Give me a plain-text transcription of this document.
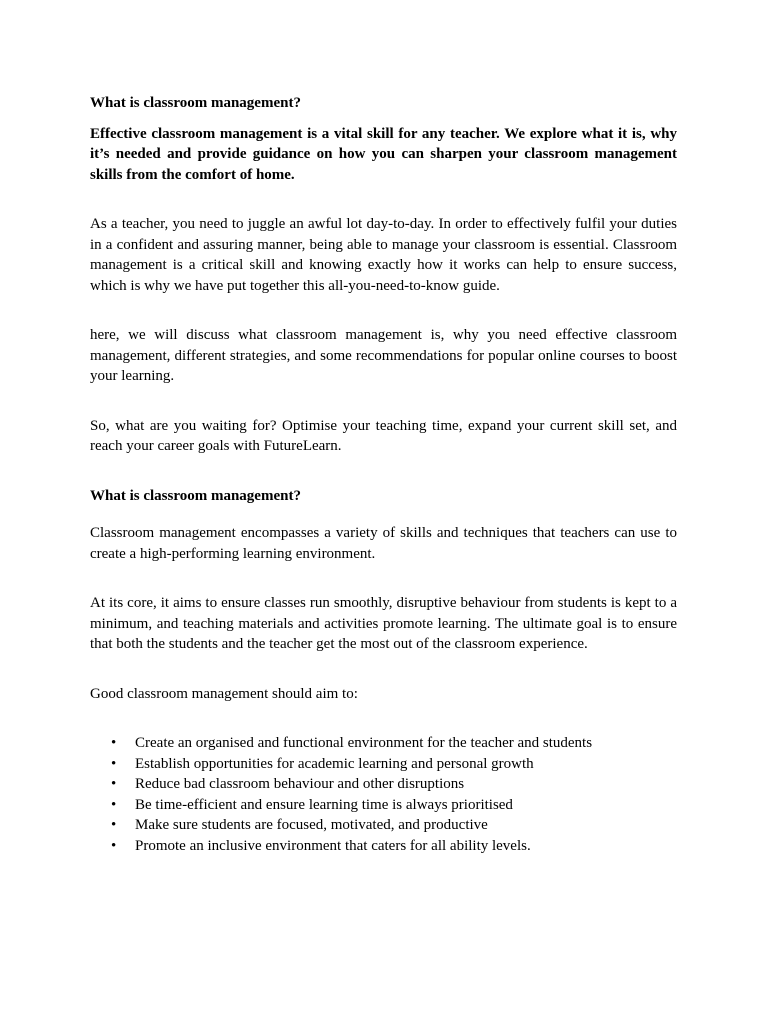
What is classroom management?

Effective classroom management is a vital skill for any teacher. We explore what it is, why it’s needed and provide guidance on how you can sharpen your classroom management skills from the comfort of home.

As a teacher, you need to juggle an awful lot day-to-day. In order to effectively fulfil your duties in a confident and assuring manner, being able to manage your classroom is essential. Classroom management is a critical skill and knowing exactly how it works can help to ensure success, which is why we have put together this all-you-need-to-know guide.

here, we will discuss what classroom management is, why you need effective classroom management, different strategies, and some recommendations for popular online courses to boost your learning.

So, what are you waiting for? Optimise your teaching time, expand your current skill set, and reach your career goals with FutureLearn.

What is classroom management?

Classroom management encompasses a variety of skills and techniques that teachers can use to create a high-performing learning environment.

At its core, it aims to ensure classes run smoothly, disruptive behaviour from students is kept to a minimum, and teaching materials and activities promote learning. The ultimate goal is to ensure that both the students and the teacher get the most out of the classroom experience.

Good classroom management should aim to:

• Create an organised and functional environment for the teacher and students
• Establish opportunities for academic learning and personal growth
• Reduce bad classroom behaviour and other disruptions
• Be time-efficient and ensure learning time is always prioritised
• Make sure students are focused, motivated, and productive
• Promote an inclusive environment that caters for all ability levels.
